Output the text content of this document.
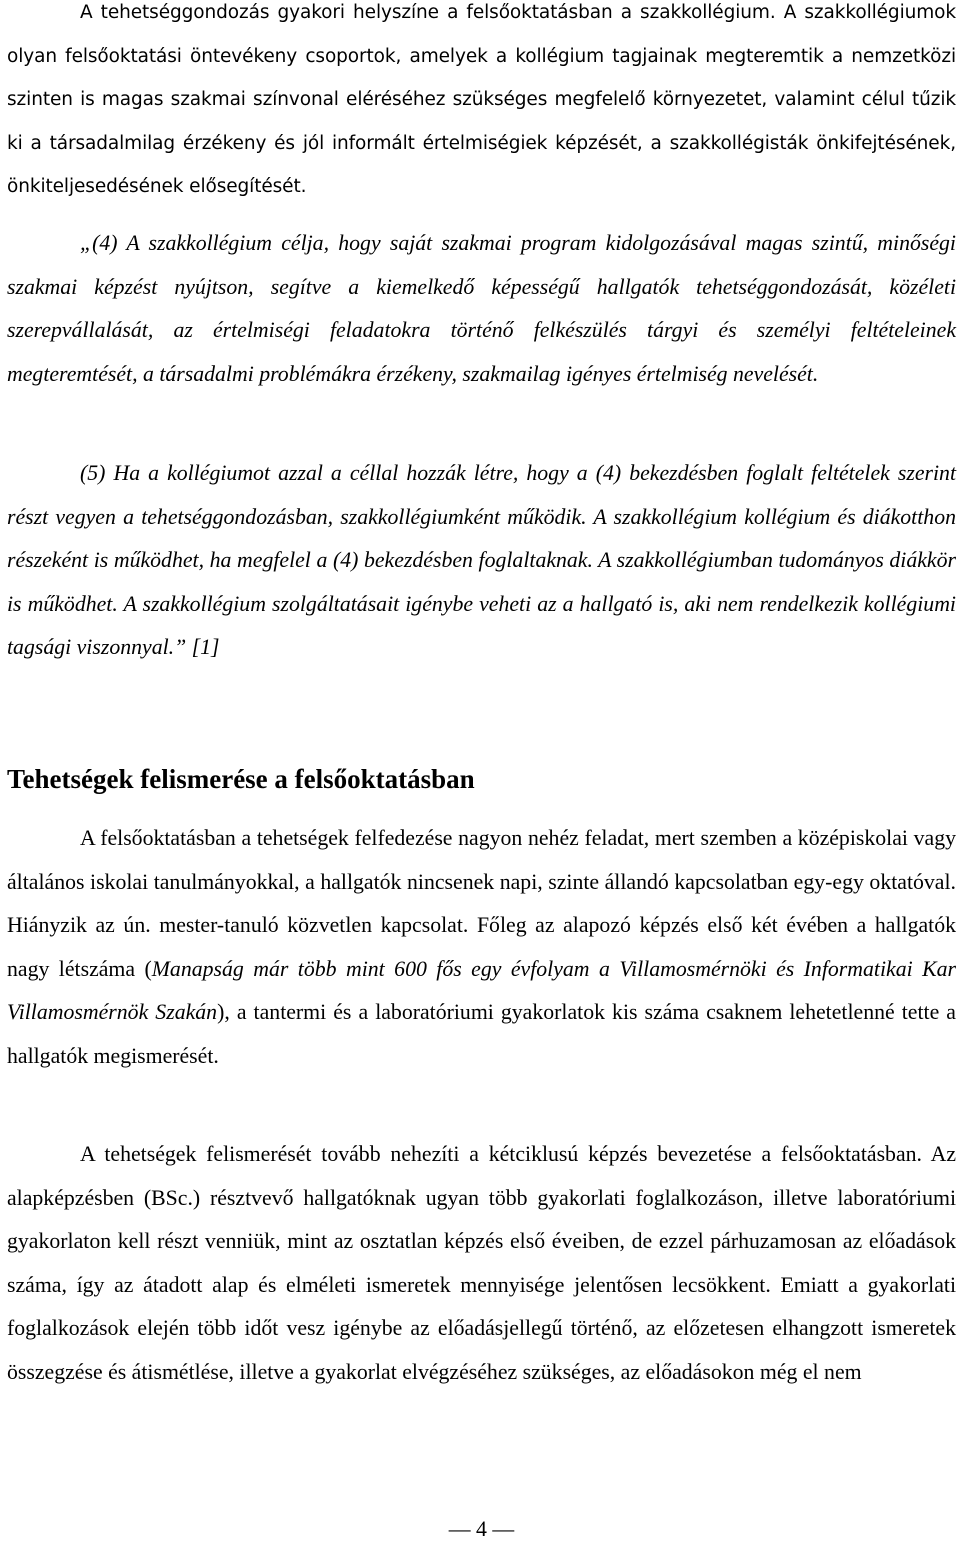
A tehetséggondozás gyakori helyszíne a felsőoktatásban a szakkollégium. A szakkollégiumok olyan felsőoktatási öntevékeny csoportok, amelyek a kollégium tagjainak megteremtik a nemzetközi szinten is magas szakmai színvonal eléréséhez szükséges megfelelő környezetet, valamint célul tűzik ki a társadalmilag érzékeny és jól informált értelmiségiek képzését, a szakkollégisták önkifejtésének, önkiteljesedésének elősegítését.

„(4) A szakkollégium célja, hogy saját szakmai program kidolgozásával magas szintű, minőségi szakmai képzést nyújtson, segítve a kiemelkedő képességű hallgatók tehetséggondozását, közéleti szerepvállalását, az értelmiségi feladatokra történő felkészülés tárgyi és személyi feltételeinek megteremtését, a társadalmi problémákra érzékeny, szakmailag igényes értelmiség nevelését.

(5) Ha a kollégiumot azzal a céllal hozzák létre, hogy a (4) bekezdésben foglalt feltételek szerint részt vegyen a tehetséggondozásban, szakkollégiumként működik. A szakkollégium kollégium és diákotthon részeként is működhet, ha megfelel a (4) bekezdésben foglaltaknak. A szakkollégiumban tudományos diákkör is működhet. A szakkollégium szolgáltatásait igénybe veheti az a hallgató is, aki nem rendelkezik kollégiumi tagsági viszonnyal.” [1]

Tehetségek felismerése a felsőoktatásban

A felsőoktatásban a tehetségek felfedezése nagyon nehéz feladat, mert szemben a középiskolai vagy általános iskolai tanulmányokkal, a hallgatók nincsenek napi, szinte állandó kapcsolatban egy-egy oktatóval. Hiányzik az ún. mester-tanuló közvetlen kapcsolat. Főleg az alapozó képzés első két évében a hallgatók nagy létszáma (Manapság már több mint 600 fős egy évfolyam a Villamosmérnöki és Informatikai Kar Villamosmérnök Szakán), a tantermi és a laboratóriumi gyakorlatok kis száma csaknem lehetetlenné tette a hallgatók megismerését.

A tehetségek felismerését tovább nehezíti a kétciklusú képzés bevezetése a felsőoktatásban. Az alapképzésben (BSc.) résztvevő hallgatóknak ugyan több gyakorlati foglalkozáson, illetve laboratóriumi gyakorlaton kell részt venniük, mint az osztatlan képzés első éveiben, de ezzel párhuzamosan az előadások száma, így az átadott alap és elméleti ismeretek mennyisége jelentősen lecsökkent. Emiatt a gyakorlati foglalkozások elején több időt vesz igénybe az előadásjellegű történő, az előzetesen elhangzott ismeretek összegzése és átismétlése, illetve a gyakorlat elvégzéséhez szükséges, az előadásokon még el nem

— 4 —
